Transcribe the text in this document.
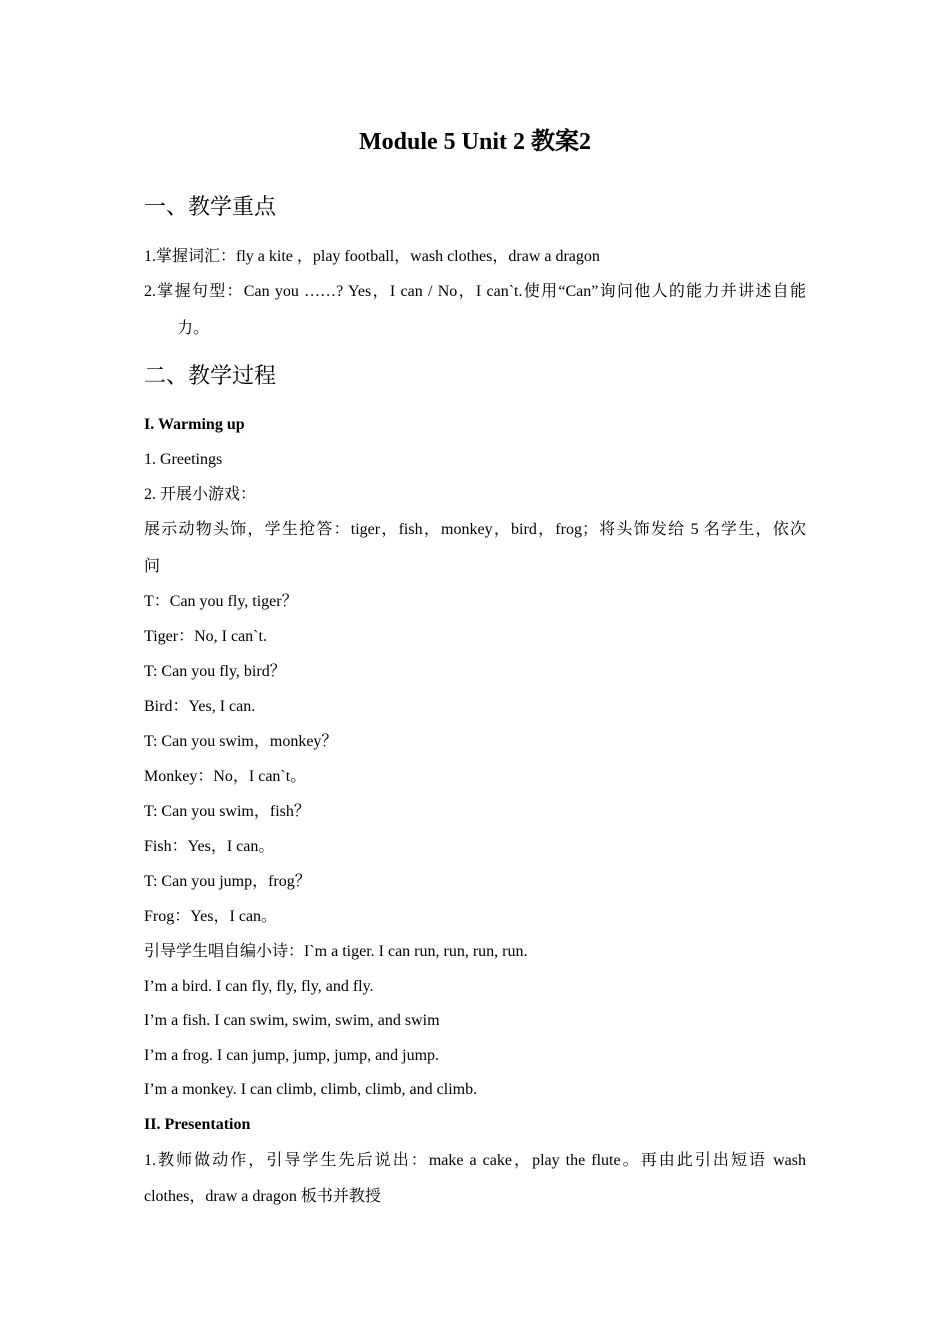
Module 5 Unit 2 教案2
一、教学重点
1.掌握词汇：fly a kite ，play football，wash clothes，draw a dragon
2.掌握句型：Can you ……? Yes，I can / No，I can`t.使用“Can”询问他人的能力并讲述自能
力。
二、教学过程
I. Warming up
1. Greetings
2. 开展小游戏：
展示动物头饰，学生抢答：tiger，fish，monkey，bird，frog；将头饰发给 5 名学生，依次
问
T：Can you fly, tiger？
Tiger：No, I can`t.
T: Can you fly, bird？
Bird：Yes, I can.
T: Can you swim，monkey？
Monkey：No，I can`t。
T: Can you swim，fish？
Fish：Yes，I can。
T: Can you jump，frog？
Frog：Yes，I can。
引导学生唱自编小诗：I`m a tiger. I can run, run, run, run.
I’m a bird. I can fly, fly, fly, and fly.
I’m a fish. I can swim, swim, swim, and swim
I’m a frog. I can jump, jump, jump, and jump.
I’m a monkey. I can climb, climb, climb, and climb.
II. Presentation
1.教师做动作，引导学生先后说出：make a cake，play the flute。再由此引出短语 wash
clothes，draw a dragon 板书并教授
